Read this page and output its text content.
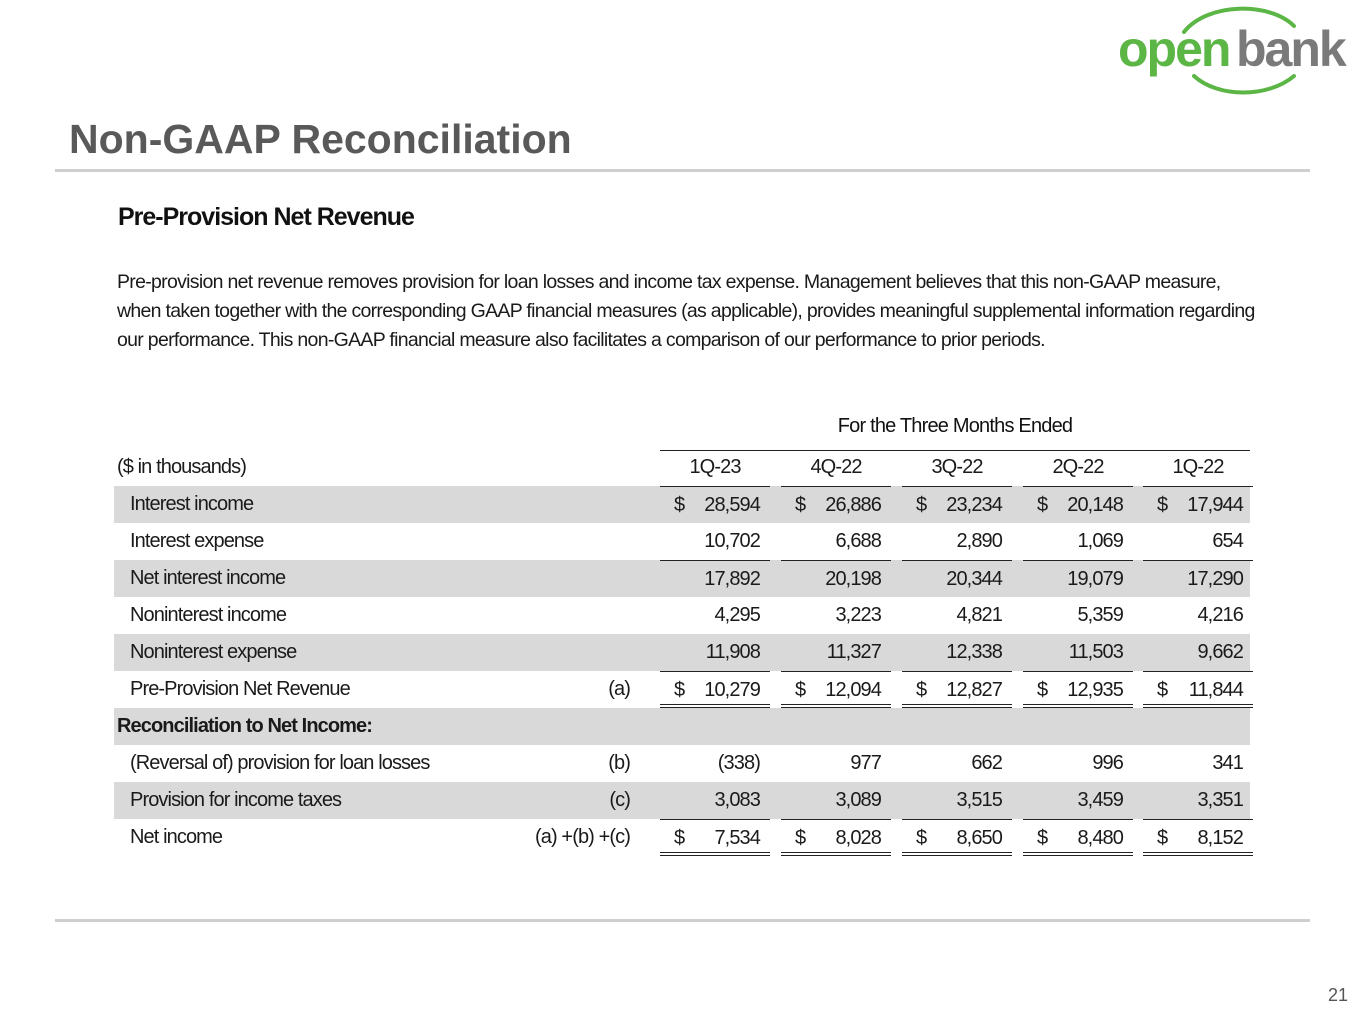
open bank
Non-GAAP Reconciliation
Pre-Provision Net Revenue

Pre-provision net revenue removes provision for loan losses and income tax expense. Management believes that this non-GAAP measure, when taken together with the corresponding GAAP financial measures (as applicable), provides meaningful supplemental information regarding our performance. This non-GAAP financial measure also facilitates a comparison of our performance to prior periods.

For the Three Months Ended
($ in thousands)	1Q-23	4Q-22	3Q-22	2Q-22	1Q-22
Interest income	$ 28,594	$ 26,886	$ 23,234	$ 20,148	$ 17,944
Interest expense	10,702	6,688	2,890	1,069	654
Net interest income	17,892	20,198	20,344	19,079	17,290
Noninterest income	4,295	3,223	4,821	5,359	4,216
Noninterest expense	11,908	11,327	12,338	11,503	9,662
Pre-Provision Net Revenue	(a) $ 10,279	$ 12,094	$ 12,827	$ 12,935	$ 11,844
Reconciliation to Net Income:
(Reversal of) provision for loan losses	(b)	(338)	977	662	996	341
Provision for income taxes	(c)	3,083	3,089	3,515	3,459	3,351
Net income	(a) +(b) +(c) $ 7,534	$ 8,028	$ 8,650	$ 8,480	$ 8,152
21
